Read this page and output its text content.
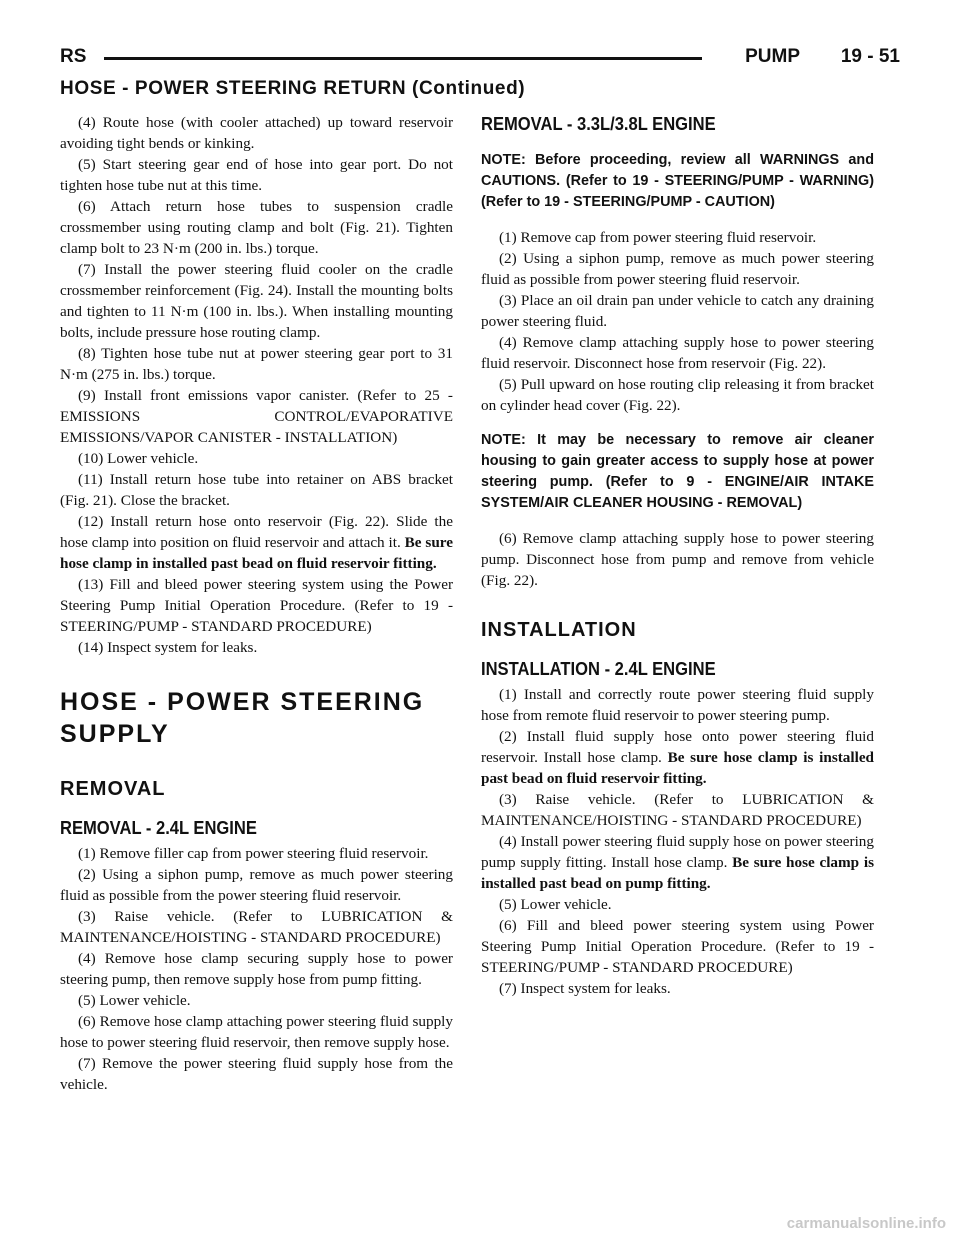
RS	PUMP 19 - 51
HOSE - POWER STEERING RETURN (Continued)

(4) Route hose (with cooler attached) up toward reservoir avoiding tight bends or kinking.

(5) Start steering gear end of hose into gear port. Do not tighten hose tube nut at this time.

(6) Attach return hose tubes to suspension cradle crossmember using routing clamp and bolt (Fig. 21). Tighten clamp bolt to 23 N·m (200 in. lbs.) torque.

(7) Install the power steering fluid cooler on the cradle crossmember reinforcement (Fig. 24). Install the mounting bolts and tighten to 11 N·m (100 in. lbs.). When installing mounting bolts, include pressure hose routing clamp.

(8) Tighten hose tube nut at power steering gear port to 31 N·m (275 in. lbs.) torque.

(9) Install front emissions vapor canister. (Refer to 25 - EMISSIONS CONTROL/EVAPORATIVE EMISSIONS/VAPOR CANISTER - INSTALLATION)

(10) Lower vehicle.

(11) Install return hose tube into retainer on ABS bracket (Fig. 21). Close the bracket.

(12) Install return hose onto reservoir (Fig. 22). Slide the hose clamp into position on fluid reservoir and attach it. Be sure hose clamp in installed past bead on fluid reservoir fitting.

(13) Fill and bleed power steering system using the Power Steering Pump Initial Operation Procedure. (Refer to 19 - STEERING/PUMP - STANDARD PROCEDURE)

(14) Inspect system for leaks.

HOSE - POWER STEERING SUPPLY
REMOVAL
REMOVAL - 2.4L ENGINE

(1) Remove filler cap from power steering fluid reservoir.

(2) Using a siphon pump, remove as much power steering fluid as possible from the power steering fluid reservoir.

(3) Raise vehicle. (Refer to LUBRICATION & MAINTENANCE/HOISTING - STANDARD PROCEDURE)

(4) Remove hose clamp securing supply hose to power steering pump, then remove supply hose from pump fitting.

(5) Lower vehicle.

(6) Remove hose clamp attaching power steering fluid supply hose to power steering fluid reservoir, then remove supply hose.

(7) Remove the power steering fluid supply hose from the vehicle.

REMOVAL - 3.3L/3.8L ENGINE

NOTE: Before proceeding, review all WARNINGS and CAUTIONS. (Refer to 19 - STEERING/PUMP - WARNING)(Refer to 19 - STEERING/PUMP - CAUTION)

(1) Remove cap from power steering fluid reservoir.

(2) Using a siphon pump, remove as much power steering fluid as possible from power steering fluid reservoir.

(3) Place an oil drain pan under vehicle to catch any draining power steering fluid.

(4) Remove clamp attaching supply hose to power steering fluid reservoir. Disconnect hose from reservoir (Fig. 22).

(5) Pull upward on hose routing clip releasing it from bracket on cylinder head cover (Fig. 22).

NOTE: It may be necessary to remove air cleaner housing to gain greater access to supply hose at power steering pump. (Refer to 9 - ENGINE/AIR INTAKE SYSTEM/AIR CLEANER HOUSING - REMOVAL)

(6) Remove clamp attaching supply hose to power steering pump. Disconnect hose from pump and remove from vehicle (Fig. 22).

INSTALLATION
INSTALLATION - 2.4L ENGINE

(1) Install and correctly route power steering fluid supply hose from remote fluid reservoir to power steering pump.

(2) Install fluid supply hose onto power steering fluid reservoir. Install hose clamp. Be sure hose clamp is installed past bead on fluid reservoir fitting.

(3) Raise vehicle. (Refer to LUBRICATION & MAINTENANCE/HOISTING - STANDARD PROCEDURE)

(4) Install power steering fluid supply hose on power steering pump supply fitting. Install hose clamp. Be sure hose clamp is installed past bead on pump fitting.

(5) Lower vehicle.

(6) Fill and bleed power steering system using Power Steering Pump Initial Operation Procedure. (Refer to 19 - STEERING/PUMP - STANDARD PROCEDURE)

(7) Inspect system for leaks.

carmanualsonline.info
